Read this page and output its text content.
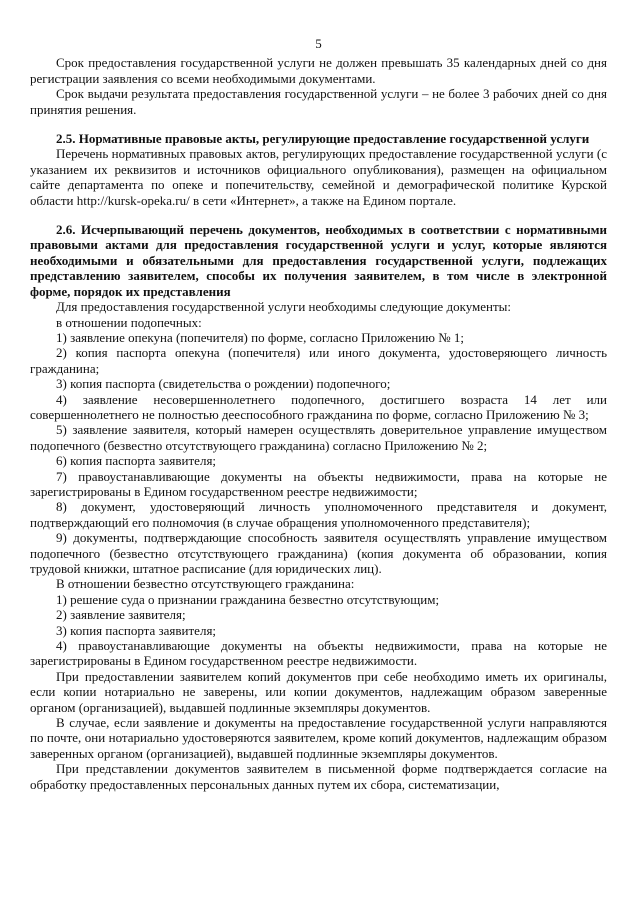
5

Срок предоставления государственной услуги не должен превышать 35 календарных дней со дня регистрации заявления со всеми необходимыми документами.

Срок выдачи результата предоставления государственной услуги – не более 3 рабочих дней со дня принятия решения.

2.5. Нормативные правовые акты, регулирующие предоставление государственной услуги

Перечень нормативных правовых актов, регулирующих предоставление государственной услуги (с указанием их реквизитов и источников официального опубликования), размещен на официальном сайте департамента по опеке и попечительству, семейной и демографической политике Курской области http://kursk-opeka.ru/ в сети «Интернет», а также на Едином портале.

2.6. Исчерпывающий перечень документов, необходимых в соответствии с нормативными правовыми актами для предоставления государственной услуги и услуг, которые являются необходимыми и обязательными для предоставления государственной услуги, подлежащих представлению заявителем, способы их получения заявителем, в том числе в электронной форме, порядок их представления

Для предоставления государственной услуги необходимы следующие документы:

в отношении подопечных:

1) заявление опекуна (попечителя) по форме, согласно Приложению № 1;

2) копия паспорта опекуна (попечителя) или иного документа, удостоверяющего личность гражданина;

3) копия паспорта (свидетельства о рождении) подопечного;

4) заявление несовершеннолетнего подопечного, достигшего возраста 14 лет или совершеннолетнего не полностью дееспособного гражданина по форме, согласно Приложению № 3;

5) заявление заявителя, который намерен осуществлять доверительное управление имуществом подопечного (безвестно отсутствующего гражданина) согласно Приложению № 2;

6) копия паспорта заявителя;

7) правоустанавливающие документы на объекты недвижимости, права на которые не зарегистрированы в Едином государственном реестре недвижимости;

8) документ, удостоверяющий личность уполномоченного представителя и документ, подтверждающий его полномочия (в случае обращения уполномоченного представителя);

9) документы, подтверждающие способность заявителя осуществлять управление имуществом подопечного (безвестно отсутствующего гражданина) (копия документа об образовании, копия трудовой книжки, штатное расписание (для юридических лиц).

В отношении безвестно отсутствующего гражданина:

1) решение суда о признании гражданина безвестно отсутствующим;

2) заявление заявителя;

3) копия паспорта заявителя;

4) правоустанавливающие документы на объекты недвижимости, права на которые не зарегистрированы в Едином государственном реестре недвижимости.

При предоставлении заявителем копий документов при себе необходимо иметь их оригиналы, если копии нотариально не заверены, или копии документов, надлежащим образом заверенные органом (организацией), выдавшей подлинные экземпляры документов.

В случае, если заявление и документы на предоставление государственной услуги направляются по почте, они нотариально удостоверяются заявителем, кроме копий документов, надлежащим образом заверенных органом (организацией), выдавшей подлинные экземпляры документов.

При представлении документов заявителем в письменной форме подтверждается согласие на обработку предоставленных персональных данных путем их сбора, систематизации,
